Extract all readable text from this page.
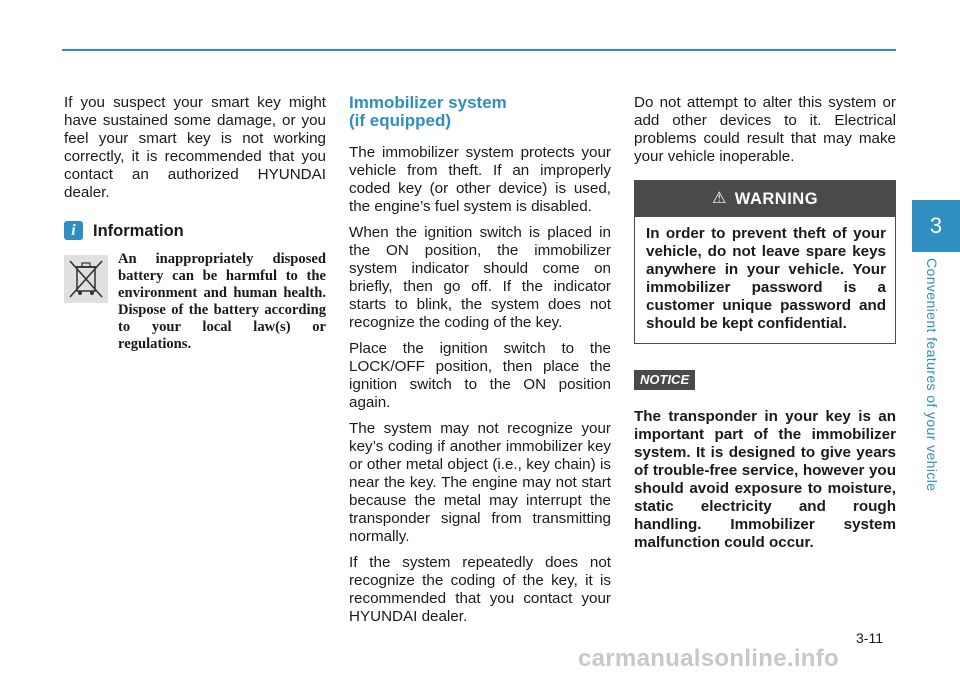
If you suspect your smart key might have sustained some damage, or you feel your smart key is not working correctly, it is recommended that you contact an authorized HYUNDAI dealer.

i	Information
An inappropriately disposed battery can be harmful to the environment and human health. Dispose of the battery according to your local law(s) or regulations.
Immobilizer system
(if equipped)

The immobilizer system protects your vehicle from theft. If an improperly coded key (or other device) is used, the engine’s fuel system is disabled.

When the ignition switch is placed in the ON position, the immobilizer system indicator should come on briefly, then go off. If the indicator starts to blink, the system does not recognize the coding of the key.

Place the ignition switch to the LOCK/OFF position, then place the ignition switch to the ON position again.

The system may not recognize your key’s coding if another immobilizer key or other metal object (i.e., key chain) is near the key. The engine may not start because the metal may interrupt the transponder signal from transmitting normally.

If the system repeatedly does not recognize the coding of the key, it is recommended that you contact your HYUNDAI dealer.

Do not attempt to alter this system or add other devices to it. Electrical problems could result that may make your vehicle inoperable.

⚠ WARNING
In order to prevent theft of your vehicle, do not leave spare keys anywhere in your vehicle. Your immobilizer password is a customer unique password and should be kept confidential.
NOTICE
The transponder in your key is an important part of the immobilizer system. It is designed to give years of trouble-free service, however you should avoid exposure to moisture, static electricity and rough handling. Immobilizer system malfunction could occur.
3
Convenient features of your vehicle
3-11
carmanualsonline.info
